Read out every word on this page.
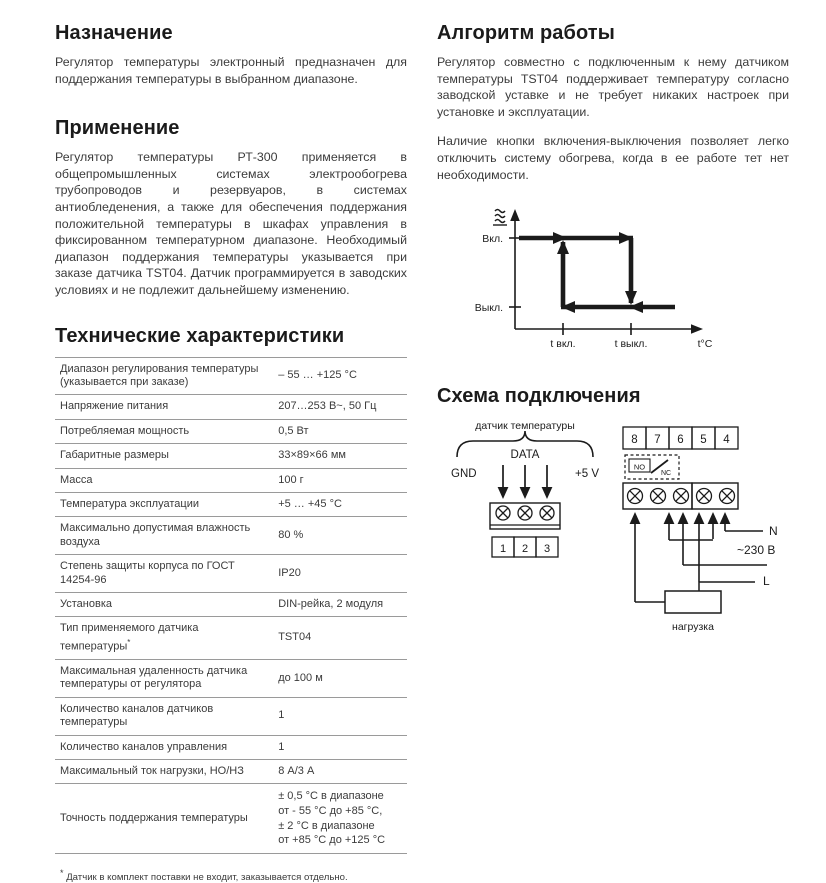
Назначение

Регулятор температуры электронный предназначен для поддержания температуры в выбранном диапазоне.

Применение

Регулятор температуры РТ-300 применяется в общепромышленных системах электрообогрева трубопроводов и резервуаров, в системах антиобледенения, а также для обеспечения поддержания положительной температуры в шкафах управления в фиксированном температурном диапазоне. Необходимый диапазон поддержания температуры указывается при заказе датчика TST04. Датчик программируется в заводских условиях и не подлежит дальнейшему изменению.

Технические характеристики
Диапазон регулирования температуры (указывается при заказе)	– 55 … +125 °C
Напряжение питания	207…253 В~, 50 Гц
Потребляемая мощность	0,5 Вт
Габаритные размеры	33×89×66 мм
Масса	100 г
Температура эксплуатации	+5 … +45 °C
Максимально допустимая влажность воздуха	80 %
Степень защиты корпуса по ГОСТ 14254-96	IP20
Установка	DIN-рейка, 2 модуля
Тип применяемого датчика температуры*	TST04
Максимальная удаленность датчика температуры от регулятора	до 100 м
Количество каналов датчиков температуры	1
Количество каналов управления	1
Максимальный ток нагрузки, НО/НЗ	8 А/3 А
Точность поддержания температуры	± 0,5 °C в диапазоне
от - 55 °C до +85 °C,
± 2 °C в диапазоне
от +85 °C до +125 °C
* Датчик в комплект поставки не входит, заказывается отдельно.
Алгоритм работы

Регулятор совместно с подключенным к нему датчиком температуры TST04 поддерживает температуру согласно заводской уставке и не требует никаких настроек при установке и эксплуатации.

Наличие кнопки включения-выключения позволяет легко отключить систему обогрева, когда в ее работе тет нет необходимости.

Вкл.
Выкл.
t вкл.	t выкл.	t°C
Схема подключения
датчик температуры
DATA
GND	+5 V
1 2 3
8 7 6 5 4
NO
NC
нагрузка
N
~230 В
L
